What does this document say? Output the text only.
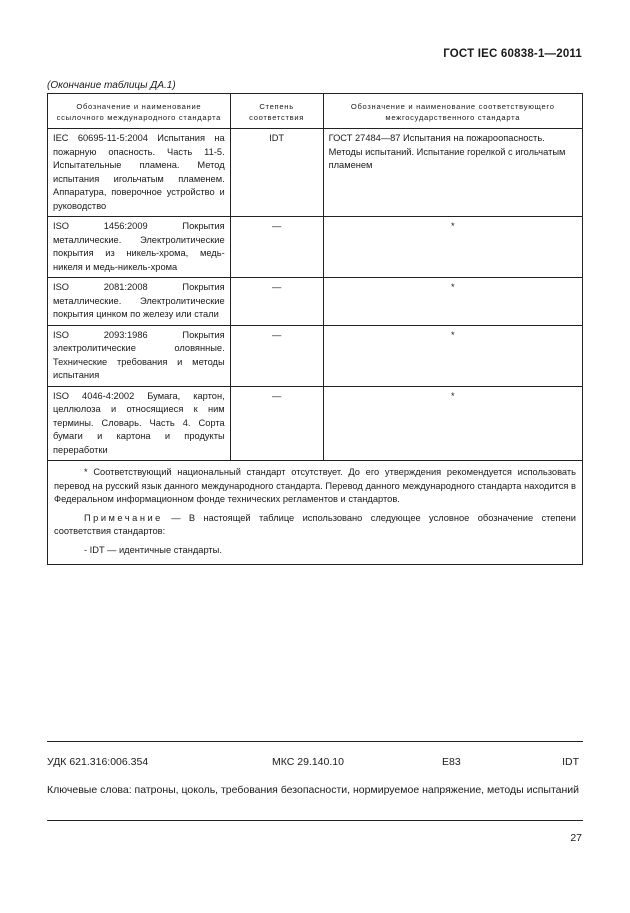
ГОСТ IEC 60838-1—2011
(Окончание таблицы ДА.1)
Обозначение и наименование ссылочного международного стандарта	Степень соответствия	Обозначение и наименование соответствующего межгосударственного стандарта
IEC 60695-11-5:2004 Испытания на пожарную опасность. Часть 11-5. Испытательные пламена. Метод испытания игольчатым пламенем. Аппаратура, поверочное устройство и руководство	IDT	ГОСТ 27484—87 Испытания на пожароопасность. Методы испытаний. Испытание горелкой с игольчатым пламенем
ISO 1456:2009 Покрытия металлические. Электролитические покрытия из никель-хрома, медь-никеля и медь-никель-хрома	—	*
ISO 2081:2008 Покрытия металлические. Электролитические покрытия цинком по железу или стали	—	*
ISO 2093:1986 Покрытия электролитические оловянные. Технические требования и методы испытания	—	*
ISO 4046-4:2002 Бумага, картон, целлюлоза и относящиеся к ним термины. Словарь. Часть 4. Сорта бумаги и картона и продукты переработки	—	*

* Соответствующий национальный стандарт отсутствует. До его утверждения рекомендуется использовать перевод на русский язык данного международного стандарта. Перевод данного международного стандарта находится в Федеральном информационном фонде технических регламентов и стандартов.

Примечание — В настоящей таблице использовано следующее условное обозначение степени соответствия стандартов:

- IDT — идентичные стандарты.		

УДК 621.316:006.354	МКС 29.140.10	Е83	IDT
Ключевые слова: патроны, цоколь, требования безопасности, нормируемое напряжение, методы испытаний
27
